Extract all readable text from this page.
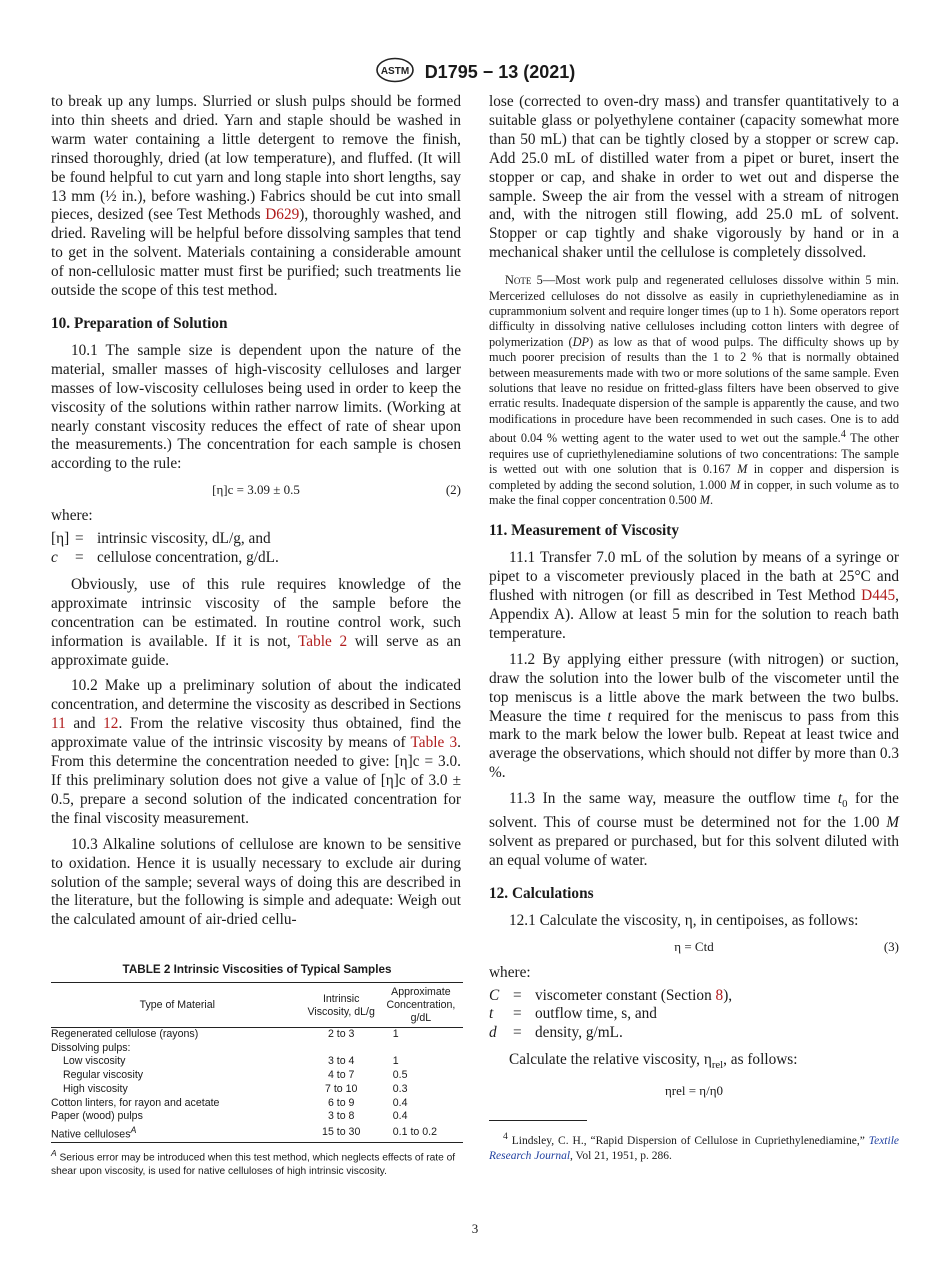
ASTM D1795 − 13 (2021)

to break up any lumps. Slurried or slush pulps should be formed into thin sheets and dried. Yarn and staple should be washed in warm water containing a little detergent to remove the finish, rinsed thoroughly, dried (at low temperature), and fluffed. (It will be found helpful to cut yarn and long staple into short lengths, say 13 mm (½ in.), before washing.) Fabrics should be cut into small pieces, desized (see Test Methods D629), thoroughly washed, and dried. Raveling will be helpful before dissolving samples that tend to get in the solvent. Materials containing a considerable amount of non-cellulosic matter must first be purified; such treatments lie outside the scope of this test method.

10. Preparation of Solution

10.1 The sample size is dependent upon the nature of the material, smaller masses of high-viscosity celluloses and larger masses of low-viscosity celluloses being used in order to keep the viscosity of the solutions within rather narrow limits. (Working at nearly constant viscosity reduces the effect of rate of shear upon the measurements.) The concentration for each sample is chosen according to the rule:

[η]c = 3.09 ± 0.5	(2)
where:
[η] = intrinsic viscosity, dL/g, and
c	= cellulose concentration, g/dL.

Obviously, use of this rule requires knowledge of the approximate intrinsic viscosity of the sample before the concentration can be estimated. In routine control work, such information is available. If it is not, Table 2 will serve as an approximate guide.

10.2 Make up a preliminary solution of about the indicated concentration, and determine the viscosity as described in Sections 11 and 12. From the relative viscosity thus obtained, find the approximate value of the intrinsic viscosity by means of Table 3. From this determine the concentration needed to give: [η]c = 3.0. If this preliminary solution does not give a value of [η]c of 3.0 ± 0.5, prepare a second solution of the indicated concentration for the final viscosity measurement.

10.3 Alkaline solutions of cellulose are known to be sensitive to oxidation. Hence it is usually necessary to exclude air during solution of the sample; several ways of doing this are described in the literature, but the following is simple and adequate: Weigh out the calculated amount of air-dried cellu-

TABLE 2 Intrinsic Viscosities of Typical Samples
Type of Material	Intrinsic Viscosity, dL/g	Approximate Concentration, g/dL
Regenerated cellulose (rayons)	2 to 3	1
Dissolving pulps:		
Low viscosity	3 to 4	1
Regular viscosity	4 to 7	0.5
High viscosity	7 to 10	0.3
Cotton linters, for rayon and acetate	6 to 9	0.4
Paper (wood) pulps	3 to 8	0.4
Native celluloses$^A$	15 to 30	0.1 to 0.2
$^A$ Serious error may be introduced when this test method, which neglects effects of rate of shear upon viscosity, is used for native celluloses of high intrinsic viscosity.

lose (corrected to oven-dry mass) and transfer quantitatively to a suitable glass or polyethylene container (capacity somewhat more than 50 mL) that can be tightly closed by a stopper or screw cap. Add 25.0 mL of distilled water from a pipet or buret, insert the stopper or cap, and shake in order to wet out and disperse the sample. Sweep the air from the vessel with a stream of nitrogen and, with the nitrogen still flowing, add 25.0 mL of solvent. Stopper or cap tightly and shake vigorously by hand or in a mechanical shaker until the cellulose is completely dissolved.

Note 5—Most work pulp and regenerated celluloses dissolve within 5 min. Mercerized celluloses do not dissolve as easily in cupriethylenediamine as in cuprammonium solvent and require longer times (up to 1 h). Some operators report difficulty in dissolving native celluloses including cotton linters with degree of polymerization (DP) as low as that of wood pulps. The difficulty shows up by much poorer precision of results than the 1 to 2 % that is normally obtained between measurements made with two or more solutions of the same sample. Even solutions that leave no residue on fritted-glass filters have been observed to give erratic results. Inadequate dispersion of the sample is apparently the cause, and two modifications in procedure have been recommended in such cases. One is to add about 0.04 % wetting agent to the water used to wet out the sample.$^4$ The other requires use of cupriethylenediamine solutions of two concentrations: The sample is wetted out with one solution that is 0.167 M in copper and dispersion is completed by adding the second solution, 1.000 M in copper, in such volume as to make the final copper concentration 0.500 M.
11. Measurement of Viscosity

11.1 Transfer 7.0 mL of the solution by means of a syringe or pipet to a viscometer previously placed in the bath at 25°C and flushed with nitrogen (or fill as described in Test Method D445, Appendix A). Allow at least 5 min for the solution to reach bath temperature.

11.2 By applying either pressure (with nitrogen) or suction, draw the solution into the lower bulb of the viscometer until the top meniscus is a little above the mark between the two bulbs. Measure the time t required for the meniscus to pass from this mark to the mark below the lower bulb. Repeat at least twice and average the observations, which should not differ by more than 0.3 %.

11.3 In the same way, measure the outflow time $t_0$ for the solvent. This of course must be determined not for the 1.00 M solvent as prepared or purchased, but for this solvent diluted with an equal volume of water.

12. Calculations

12.1 Calculate the viscosity, η, in centipoises, as follows:

η = Ctd	(3)
where:
C = viscometer constant (Section 8),
t	= outflow time, s, and
d	= density, g/mL.

Calculate the relative viscosity, $\eta_{rel}$, as follows:

ηrel = η/η0
$^4$ Lindsley, C. H., “Rapid Dispersion of Cellulose in Cupriethylenediamine,” Textile Research Journal, Vol 21, 1951, p. 286.
3
